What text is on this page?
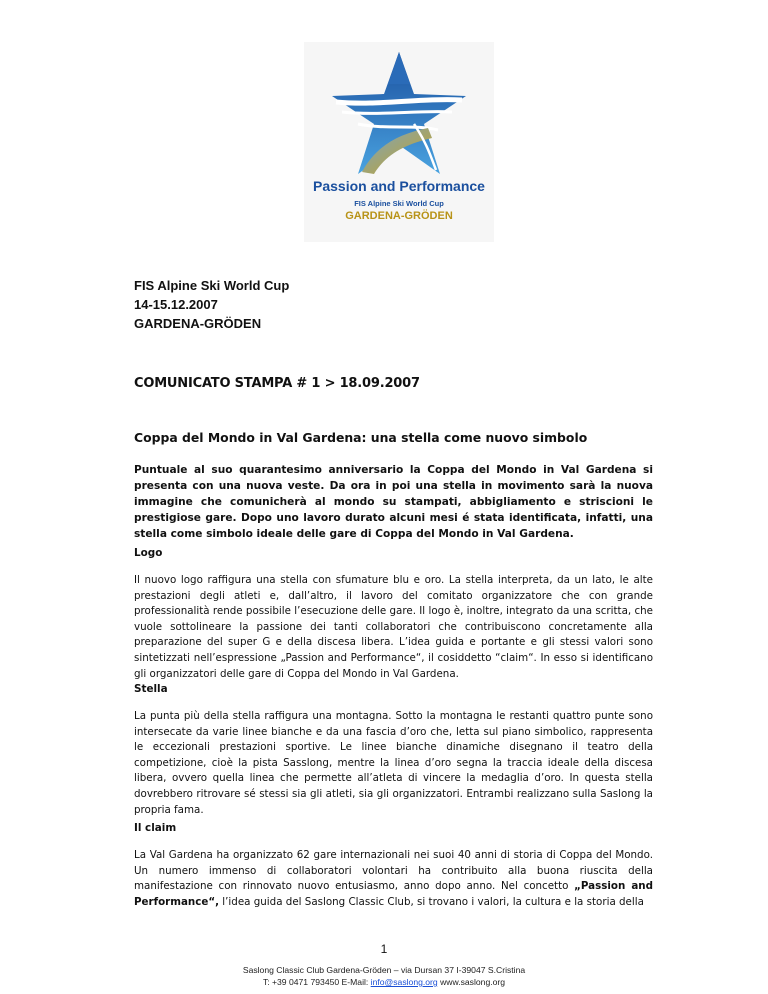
Passion and Performance
FIS Alpine Ski World Cup
GARDENA-GRÖDEN
FIS Alpine Ski World Cup
14-15.12.2007
GARDENA-GRÖDEN
COMUNICATO STAMPA # 1 > 18.09.2007
Coppa del Mondo in Val Gardena: una stella come nuovo simbolo
Puntuale al suo quarantesimo anniversario la Coppa del Mondo in Val Gardena si presenta con una nuova veste. Da ora in poi una stella in movimento sarà la nuova immagine che comunicherà al mondo su stampati, abbigliamento e striscioni le prestigiose gare. Dopo uno lavoro durato alcuni mesi é stata identificata, infatti, una stella come simbolo ideale delle gare di Coppa del Mondo in Val Gardena.
Logo

Il nuovo logo raffigura una stella con sfumature blu e oro. La stella interpreta, da un lato, le alte prestazioni degli atleti e, dall’altro, il lavoro del comitato organizzatore che con grande professionalità rende possibile l’esecuzione delle gare. Il logo è, inoltre, integrato da una scritta, che vuole sottolineare la passione dei tanti collaboratori che contribuiscono concretamente alla preparazione del super G e della discesa libera. L’idea guida e portante e gli stessi valori sono sintetizzati nell’espressione „Passion and Performance“, il cosiddetto “claim“. In esso si identificano gli organizzatori delle gare di Coppa del Mondo in Val Gardena.

Stella

La punta più della stella raffigura una montagna. Sotto la montagna le restanti quattro punte sono intersecate da varie linee bianche e da una fascia d’oro che, letta sul piano simbolico, rappresenta le eccezionali prestazioni sportive. Le linee bianche dinamiche disegnano il teatro della competizione, cioè la pista Sasslong, mentre la linea d’oro segna la traccia ideale della discesa libera, ovvero quella linea che permette all’atleta di vincere la medaglia d’oro. In questa stella dovrebbero ritrovare sé stessi sia gli atleti, sia gli organizzatori. Entrambi realizzano sulla Saslong la propria fama.

Il claim

La Val Gardena ha organizzato 62 gare internazionali nei suoi 40 anni di storia di Coppa del Mondo. Un numero immenso di collaboratori volontari ha contribuito alla buona riuscita della manifestazione con rinnovato nuovo entusiasmo, anno dopo anno. Nel concetto „Passion and Performance“, l’idea guida del Saslong Classic Club, si trovano i valori, la cultura e la storia della

1
Saslong Classic Club Gardena-Gröden – via Dursan 37 I-39047 S.Cristina
T: +39 0471 793450 E-Mail: info@saslong.org www.saslong.org
